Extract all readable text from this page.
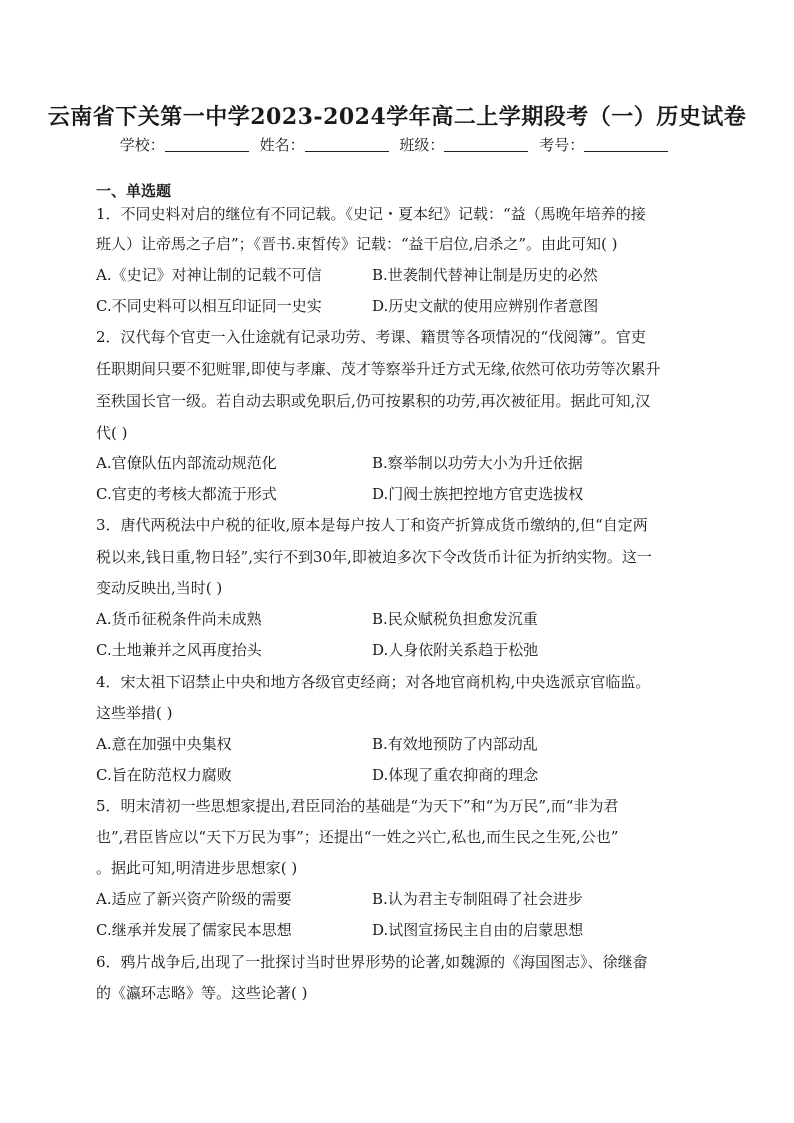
云南省下关第一中学2023-2024学年高二上学期段考（一）历史试卷
学校：	姓名：	班级：	考号：
一、单选题
1．不同史料对启的继位有不同记载。《史记・夏本纪》记载：“益（馬晚年培养的接
班人）让帝馬之子启”；《晋书.束皙传》记载：“益干启位,启杀之”。由此可知( )
A.《史记》对神让制的记载不可信	B.世袭制代替神让制是历史的必然
C.不同史料可以相互印证同一史实	D.历史文献的使用应辨别作者意图
2．汉代每个官吏一入仕途就有记录功劳、考课、籍贯等各项情况的“伐阅簿”。官吏
任职期间只要不犯赃罪,即使与孝廉、茂才等察举升迁方式无缘,依然可依功劳等次累升
至秩国长官一级。若自动去职或免职后,仍可按累积的功劳,再次被征用。据此可知,汉
代( )
A.官僚队伍内部流动规范化	B.察举制以功劳大小为升迁依据
C.官吏的考核大都流于形式	D.门阀士族把控地方官吏选拔权
3．唐代两税法中户税的征收,原本是每户按人丁和资产折算成货币缴纳的,但“自定两
税以来,钱日重,物日轻”,实行不到30年,即被迫多次下令改货币计征为折纳实物。这一
变动反映出,当时( )
A.货币征税条件尚未成熟	B.民众赋税负担愈发沉重
C.土地兼并之风再度抬头	D.人身依附关系趋于松弛
4．宋太祖下诏禁止中央和地方各级官吏经商；对各地官商机构,中央选派京官临监。
这些举措( )
A.意在加强中央集权	B.有效地预防了内部动乱
C.旨在防范权力腐败	D.体现了重农抑商的理念
5．明末清初一些思想家提出,君臣同治的基础是“为天下”和“为万民”,而“非为君
也”,君臣皆应以“天下万民为事”；还提出“一姓之兴亡,私也,而生民之生死,公也”
。据此可知,明清进步思想家( )
A.适应了新兴资产阶级的需要	B.认为君主专制阻碍了社会进步
C.继承并发展了儒家民本思想	D.试图宣扬民主自由的启蒙思想
6．鸦片战争后,出现了一批探讨当时世界形势的论著,如魏源的《海国图志》、徐继畲
的《瀛环志略》等。这些论著( )
